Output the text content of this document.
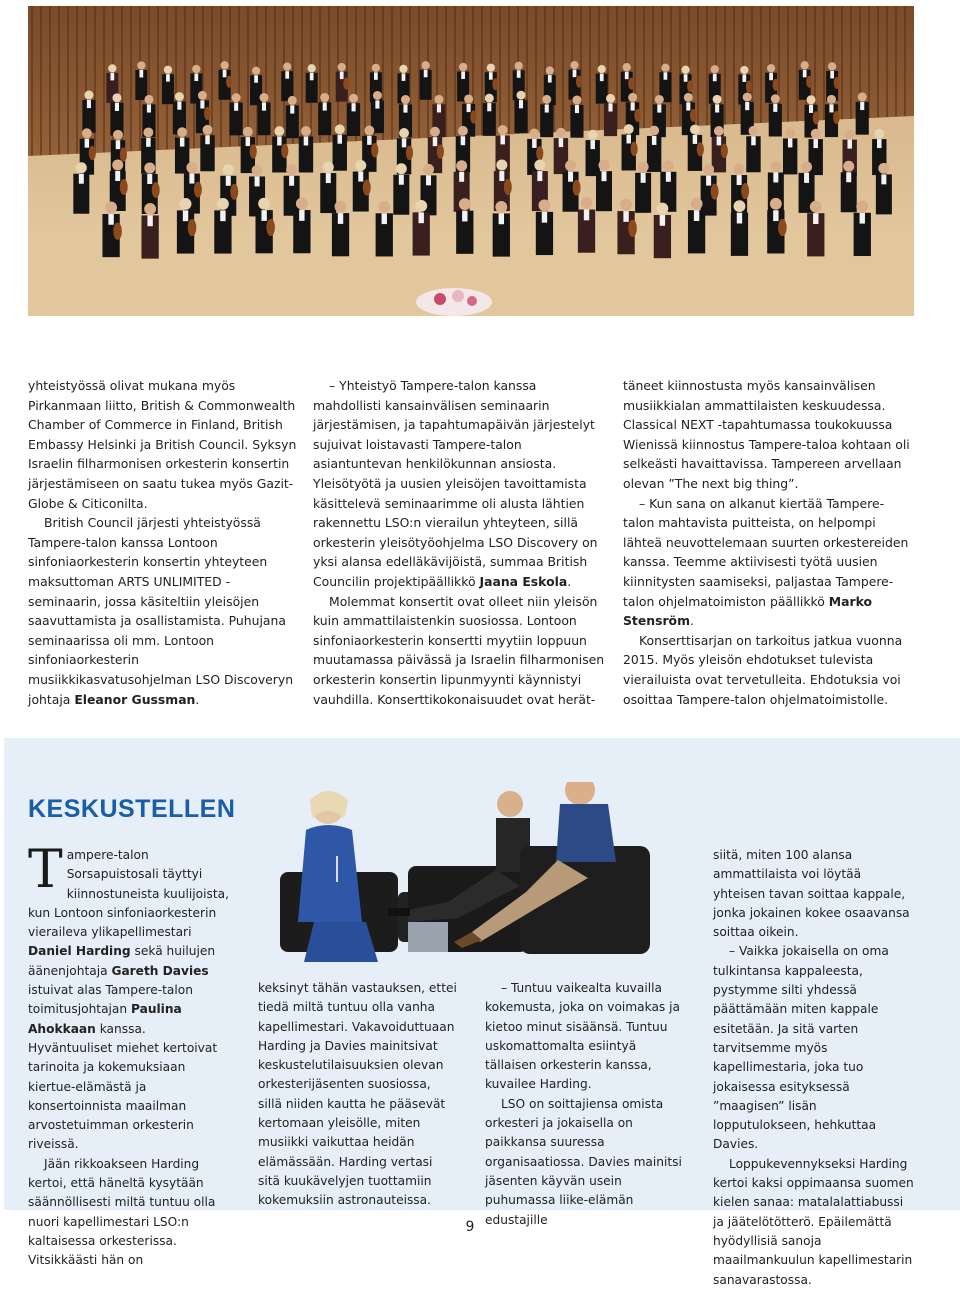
yhteistyössä olivat mukana myös Pirkanmaan liitto, British & Commonwealth Chamber of Commerce in Finland, British Embassy Helsinki ja British Council. Syksyn Israelin filharmonisen orkesterin konsertin järjestämiseen on saatu tukea myös Gazit-Globe & Citiconilta.

British Council järjesti yhteistyössä Tampere-talon kanssa Lontoon sinfoniaorkesterin konsertin yhteyteen maksuttoman ARTS UNLIMITED -seminaarin, jossa käsiteltiin yleisöjen saavuttamista ja osallistamista. Puhujana seminaarissa oli mm. Lontoon sinfoniaorkesterin musiikkikasvatusohjelman LSO Discoveryn johtaja Eleanor Gussman.

– Yhteistyö Tampere-talon kanssa mahdollisti kansainvälisen seminaarin järjestämisen, ja tapahtumapäivän järjestelyt sujuivat loistavasti Tampere-talon asiantuntevan henkilökunnan ansiosta. Yleisötyötä ja uusien yleisöjen tavoittamista käsittelevä seminaarimme oli alusta lähtien rakennettu LSO:n vierailun yhteyteen, sillä orkesterin yleisötyöohjelma LSO Discovery on yksi alansa edelläkävijöistä, summaa British Councilin projektipäällikkö Jaana Eskola.

Molemmat konsertit ovat olleet niin yleisön kuin ammattilaistenkin suosiossa. Lontoon sinfoniaorkesterin konsertti myytiin loppuun muutamassa päivässä ja Israelin filharmonisen orkesterin konsertin lipunmyynti käynnistyi vauhdilla. Konserttikokonaisuudet ovat herät-

täneet kiinnostusta myös kansainvälisen musiikkialan ammattilaisten keskuudessa. Classical NEXT -tapahtumassa toukokuussa Wienissä kiinnostus Tampere-taloa kohtaan oli selkeästi havaittavissa. Tampereen arvellaan olevan ”The next big thing”.

– Kun sana on alkanut kiertää Tampere-talon mahtavista puitteista, on helpompi lähteä neuvottelemaan suurten orkestereiden kanssa. Teemme aktiivisesti työtä uusien kiinnitysten saamiseksi, paljastaa Tampere-talon ohjelmatoimiston päällikkö Marko Stensröm.

Konserttisarjan on tarkoitus jatkua vuonna 2015. Myös yleisön ehdotukset tulevista vierailuista ovat tervetulleita. Ehdotuksia voi osoittaa Tampere-talon ohjelmatoimistolle.

KESKUSTELLEN

Tampere-talon Sorsapuistosali täyttyi kiinnostuneista kuulijoista, kun Lontoon sinfoniaorkesterin vieraileva ylikapellimestari Daniel Harding sekä huilujen äänenjohtaja Gareth Davies istuivat alas Tampere-talon toimitusjohtajan Paulina Ahokkaan kanssa. Hyväntuuliset miehet kertoivat tarinoita ja kokemuksiaan kiertue-elämästä ja konsertoinnista maailman arvostetuimman orkesterin riveissä.

Jään rikkoakseen Harding kertoi, että häneltä kysytään säännöllisesti miltä tuntuu olla nuori kapellimestari LSO:n kaltaisessa orkesterissa. Vitsikkäästi hän on

keksinyt tähän vastauksen, ettei tiedä miltä tuntuu olla vanha kapellimestari. Vakavoiduttuaan Harding ja Davies mainitsivat keskustelutilaisuuksien olevan orkesterijäsenten suosiossa, sillä niiden kautta he pääsevät kertomaan yleisölle, miten musiikki vaikuttaa heidän elämässään. Harding vertasi sitä kuukävelyjen tuottamiin kokemuksiin astronauteissa.

– Tuntuu vaikealta kuvailla kokemusta, joka on voimakas ja kietoo minut sisäänsä. Tuntuu uskomattomalta esiintyä tällaisen orkesterin kanssa, kuvailee Harding.

LSO on soittajiensa omista orkesteri ja jokaisella on paikkansa suuressa organisaatiossa. Davies mainitsi jäsenten käyvän usein puhumassa liike-elämän edustajille

siitä, miten 100 alansa ammattilaista voi löytää yhteisen tavan soittaa kappale, jonka jokainen kokee osaavansa soittaa oikein.

– Vaikka jokaisella on oma tulkintansa kappaleesta, pystymme silti yhdessä päättämään miten kappale esitetään. Ja sitä varten tarvitsemme myös kapellimestaria, joka tuo jokaisessa esityksessä ”maagisen” lisän lopputulokseen, hehkuttaa Davies.

Loppukevennykseksi Harding kertoi kaksi oppimaansa suomen kielen sanaa: matalalattiabussi ja jäätelötötterö. Epäilemättä hyödyllisiä sanoja maailmankuulun kapellimestarin sanavarastossa.

9
